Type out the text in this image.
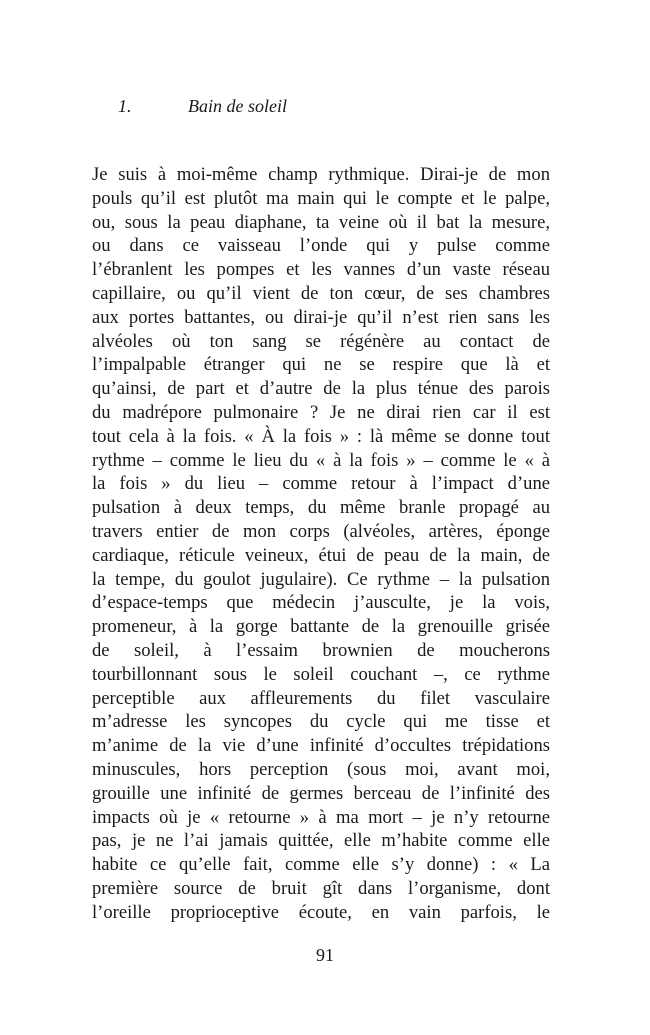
1.	Bain de soleil
Je suis à moi-même champ rythmique. Dirai-je de mon
pouls qu’il est plutôt ma main qui le compte et le palpe,
ou, sous la peau diaphane, ta veine où il bat la mesure,
ou dans ce vaisseau l’onde qui y pulse comme
l’ébranlent les pompes et les vannes d’un vaste réseau
capillaire, ou qu’il vient de ton cœur, de ses chambres
aux portes battantes, ou dirai-je qu’il n’est rien sans les
alvéoles où ton sang se régénère au contact de
l’impalpable étranger qui ne se respire que là et
qu’ainsi, de part et d’autre de la plus ténue des parois
du madrépore pulmonaire ? Je ne dirai rien car il est
tout cela à la fois. « À la fois » : là même se donne tout
rythme – comme le lieu du « à la fois » – comme le « à
la fois » du lieu – comme retour à l’impact d’une
pulsation à deux temps, du même branle propagé au
travers entier de mon corps (alvéoles, artères, éponge
cardiaque, réticule veineux, étui de peau de la main, de
la tempe, du goulot jugulaire). Ce rythme – la pulsation
d’espace-temps que médecin j’ausculte, je la vois,
promeneur, à la gorge battante de la grenouille grisée
de soleil, à l’essaim brownien de moucherons
tourbillonnant sous le soleil couchant –, ce rythme
perceptible aux affleurements du filet vasculaire
m’adresse les syncopes du cycle qui me tisse et
m’anime de la vie d’une infinité d’occultes trépidations
minuscules, hors perception (sous moi, avant moi,
grouille une infinité de germes berceau de l’infinité des
impacts où je « retourne » à ma mort – je n’y retourne
pas, je ne l’ai jamais quittée, elle m’habite comme elle
habite ce qu’elle fait, comme elle s’y donne) : « La
première source de bruit gît dans l’organisme, dont
l’oreille proprioceptive écoute, en vain parfois, le
91
